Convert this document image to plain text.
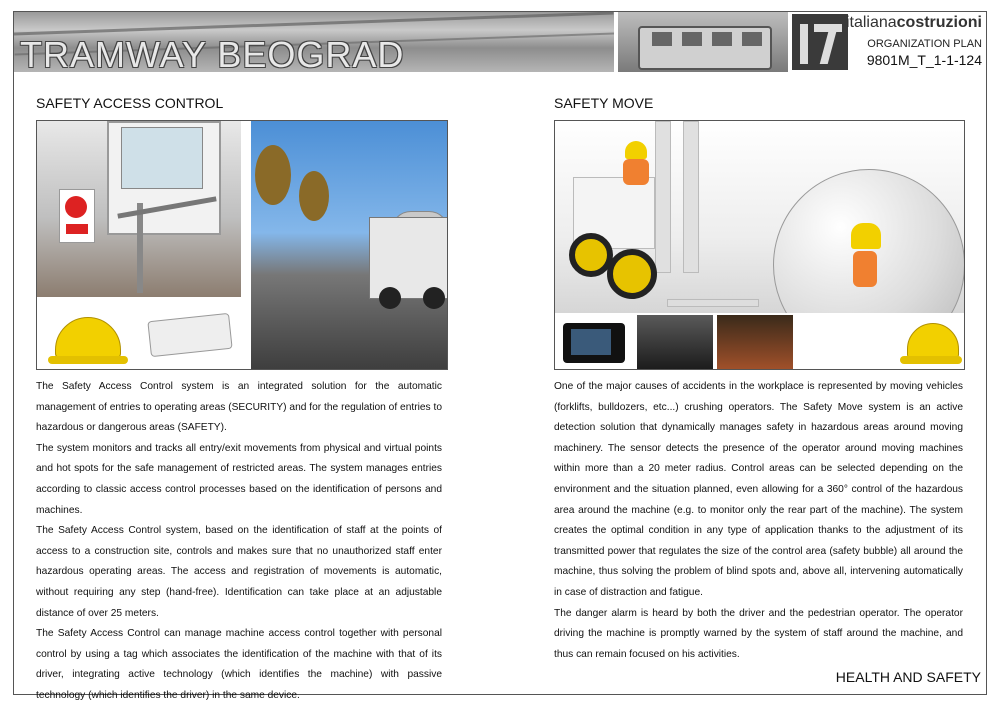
TRAMWAY BEOGRAD
italianacostruzioni
ORGANIZATION PLAN
9801M_T_1-1-124
SAFETY ACCESS CONTROL

The Safety Access Control system is an integrated solution for the automatic management of entries to operating areas (SECURITY) and for the regulation of entries to hazardous or dangerous areas (SAFETY).

The system monitors and tracks all entry/exit movements from physical and virtual points and hot spots for the safe management of restricted areas. The system manages entries according to classic access control processes based on the identification of persons and machines.

The Safety Access Control system, based on the identification of staff at the points of access to a construction site, controls and makes sure that no unauthorized staff enter hazardous operating areas. The access and registration of movements is automatic, without requiring any step (hand-free). Identification can take place at an adjustable distance of over 25 meters.

The Safety Access Control can manage machine access control together with personal control by using a tag which associates the identification of the machine with that of its driver, integrating active technology (which identifies the machine) with passive technology (which identifies the driver) in the same device.

SAFETY MOVE

One of the major causes of accidents in the workplace is represented by moving vehicles (forklifts, bulldozers, etc...) crushing operators. The Safety Move system is an active detection solution that dynamically manages safety in hazardous areas around moving machinery. The sensor detects the presence of the operator around moving machines within more than a 20 meter radius. Control areas can be selected depending on the environment and the situation planned, even allowing for a 360° control of the hazardous area around the machine (e.g. to monitor only the rear part of the machine). The system creates the optimal condition in any type of application thanks to the adjustment of its transmitted power that regulates the size of the control area (safety bubble) all around the machine, thus solving the problem of blind spots and, above all, intervening automatically in case of distraction and fatigue.

The danger alarm is heard by both the driver and the pedestrian operator. The operator driving the machine is promptly warned by the system of staff around the machine, and thus can remain focused on his activities.

HEALTH AND SAFETY
